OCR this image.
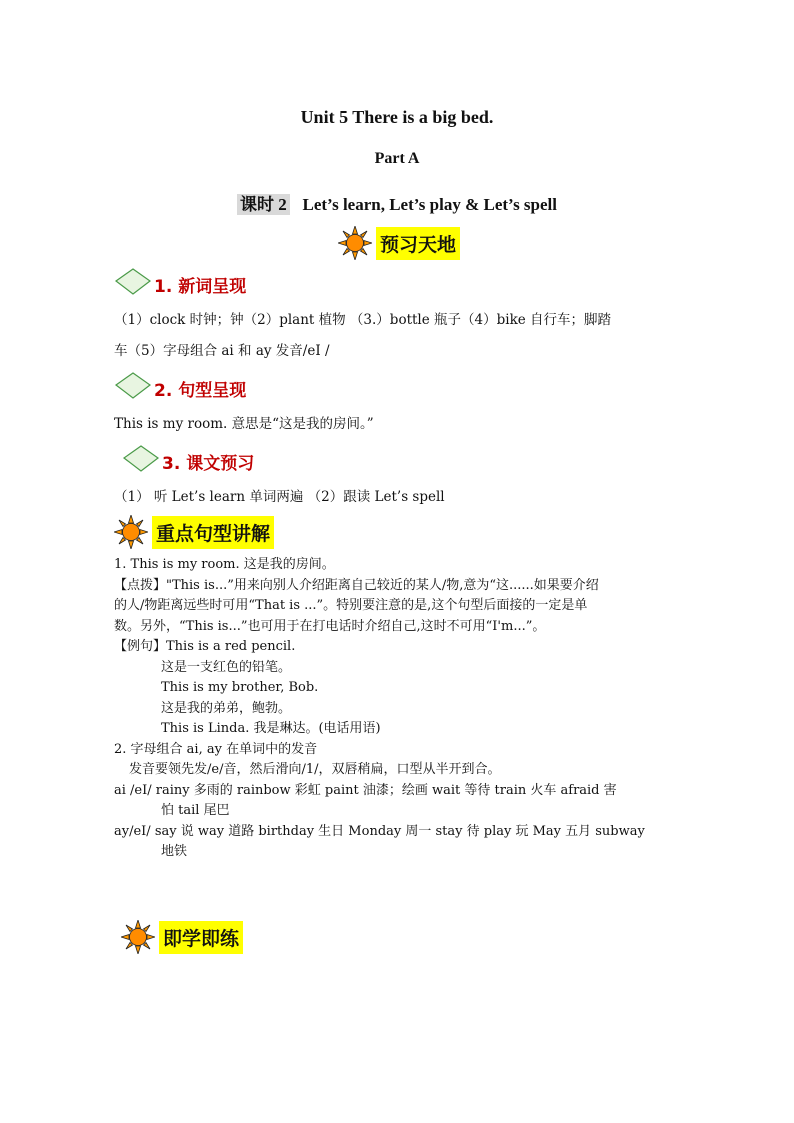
Unit 5 There is a big bed.
Part A
课时 2 Let’s learn, Let’s play & Let’s spell
预习天地
1. 新词呈现
（1）clock 时钟；钟（2）plant 植物 （3.）bottle 瓶子（4）bike 自行车；脚踏
车（5）字母组合 ai 和 ay 发音/eI /
2. 句型呈现
This is my room. 意思是“这是我的房间。”
3. 课文预习
（1） 听 Let’s learn 单词两遍 （2）跟读 Let’s spell
重点句型讲解
1. This is my room. 这是我的房间。
【点拨】"This is...”用来向别人介绍距离自己较近的某人/物,意为“这......如果要介绍
的人/物距离远些时可用“That is ...”。特别要注意的是,这个句型后面接的一定是单
数。另外，“This is...”也可用于在打电话时介绍自己,这时不可用“I'm...”。
【例句】This is a red pencil.
这是一支红色的铅笔。
This is my brother, Bob.
这是我的弟弟，鲍勃。
This is Linda. 我是琳达。(电话用语)
2. 字母组合 ai, ay 在单词中的发音
发音要领先发/e/音，然后滑向/1/，双唇稍扁，口型从半开到合。
ai /eI/ rainy 多雨的 rainbow 彩虹 paint 油漆；绘画 wait 等待 train 火车 afraid 害
怕 tail 尾巴
ay/eI/ say 说 way 道路 birthday 生日 Monday 周一 stay 待 play 玩 May 五月 subway
地铁
即学即练
